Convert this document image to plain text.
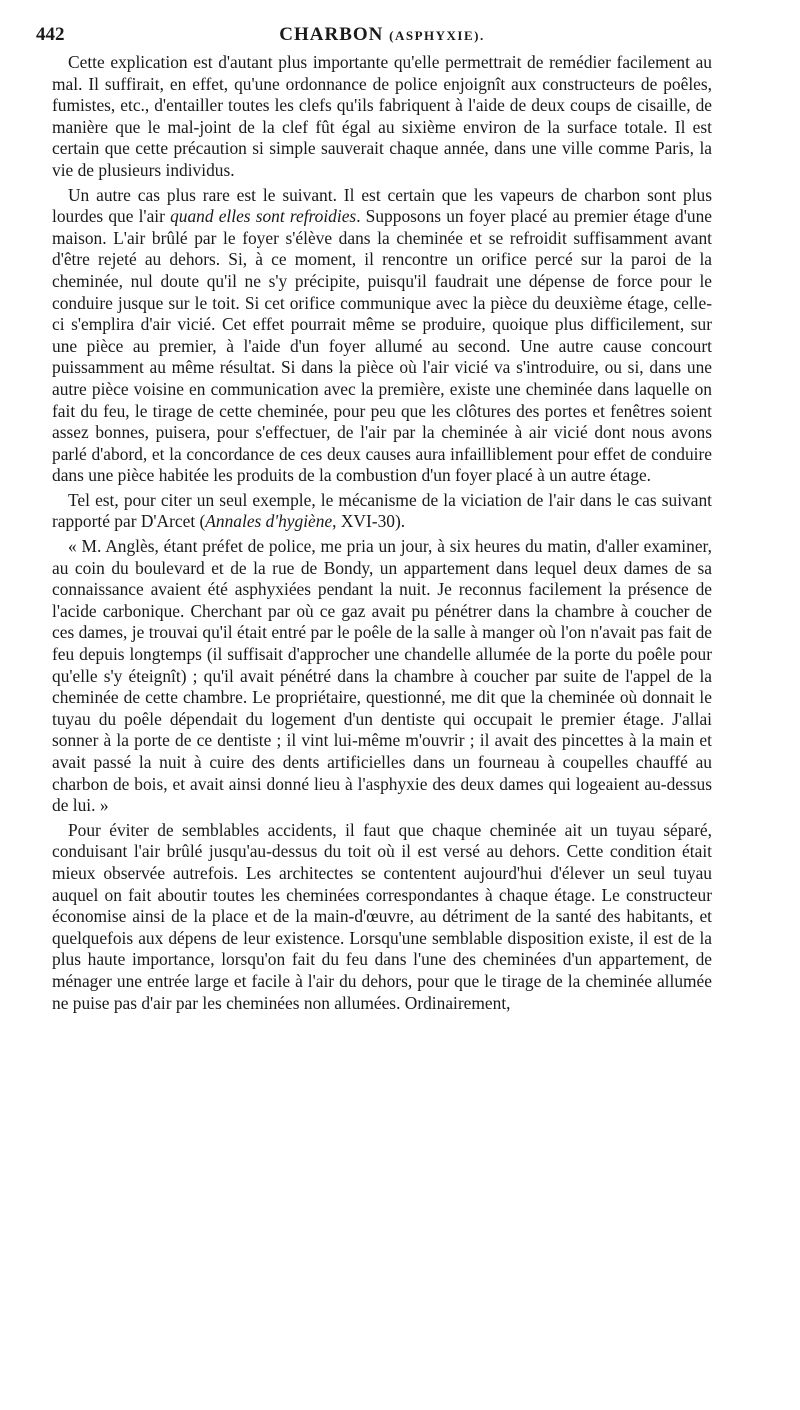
442	CHARBON (ASPHYXIE).

Cette explication est d'autant plus importante qu'elle permettrait de remédier facilement au mal. Il suffirait, en effet, qu'une ordonnance de police enjoignît aux constructeurs de poêles, fumistes, etc., d'entailler toutes les clefs qu'ils fabriquent à l'aide de deux coups de cisaille, de manière que le mal-joint de la clef fût égal au sixième environ de la surface totale. Il est certain que cette précaution si simple sauverait chaque année, dans une ville comme Paris, la vie de plusieurs individus.

Un autre cas plus rare est le suivant. Il est certain que les vapeurs de charbon sont plus lourdes que l'air quand elles sont refroidies. Supposons un foyer placé au premier étage d'une maison. L'air brûlé par le foyer s'élève dans la cheminée et se refroidit suffisamment avant d'être rejeté au dehors. Si, à ce moment, il rencontre un orifice percé sur la paroi de la cheminée, nul doute qu'il ne s'y précipite, puisqu'il faudrait une dépense de force pour le conduire jusque sur le toit. Si cet orifice communique avec la pièce du deuxième étage, celle-ci s'emplira d'air vicié. Cet effet pourrait même se produire, quoique plus difficilement, sur une pièce au premier, à l'aide d'un foyer allumé au second. Une autre cause concourt puissamment au même résultat. Si dans la pièce où l'air vicié va s'introduire, ou si, dans une autre pièce voisine en communication avec la première, existe une cheminée dans laquelle on fait du feu, le tirage de cette cheminée, pour peu que les clôtures des portes et fenêtres soient assez bonnes, puisera, pour s'effectuer, de l'air par la cheminée à air vicié dont nous avons parlé d'abord, et la concordance de ces deux causes aura infailliblement pour effet de conduire dans une pièce habitée les produits de la combustion d'un foyer placé à un autre étage.

Tel est, pour citer un seul exemple, le mécanisme de la viciation de l'air dans le cas suivant rapporté par D'Arcet (Annales d'hygiène, XVI-30).

« M. Anglès, étant préfet de police, me pria un jour, à six heures du matin, d'aller examiner, au coin du boulevard et de la rue de Bondy, un appartement dans lequel deux dames de sa connaissance avaient été asphyxiées pendant la nuit. Je reconnus facilement la présence de l'acide carbonique. Cherchant par où ce gaz avait pu pénétrer dans la chambre à coucher de ces dames, je trouvai qu'il était entré par le poêle de la salle à manger où l'on n'avait pas fait de feu depuis longtemps (il suffisait d'approcher une chandelle allumée de la porte du poêle pour qu'elle s'y éteignît) ; qu'il avait pénétré dans la chambre à coucher par suite de l'appel de la cheminée de cette chambre. Le propriétaire, questionné, me dit que la cheminée où donnait le tuyau du poêle dépendait du logement d'un dentiste qui occupait le premier étage. J'allai sonner à la porte de ce dentiste ; il vint lui-même m'ouvrir ; il avait des pincettes à la main et avait passé la nuit à cuire des dents artificielles dans un fourneau à coupelles chauffé au charbon de bois, et avait ainsi donné lieu à l'asphyxie des deux dames qui logeaient au-dessus de lui. »

Pour éviter de semblables accidents, il faut que chaque cheminée ait un tuyau séparé, conduisant l'air brûlé jusqu'au-dessus du toit où il est versé au dehors. Cette condition était mieux observée autrefois. Les architectes se contentent aujourd'hui d'élever un seul tuyau auquel on fait aboutir toutes les cheminées correspondantes à chaque étage. Le constructeur économise ainsi de la place et de la main-d'œuvre, au détriment de la santé des habitants, et quelquefois aux dépens de leur existence. Lorsqu'une semblable disposition existe, il est de la plus haute importance, lorsqu'on fait du feu dans l'une des cheminées d'un appartement, de ménager une entrée large et facile à l'air du dehors, pour que le tirage de la cheminée allumée ne puise pas d'air par les cheminées non allumées. Ordinairement,
